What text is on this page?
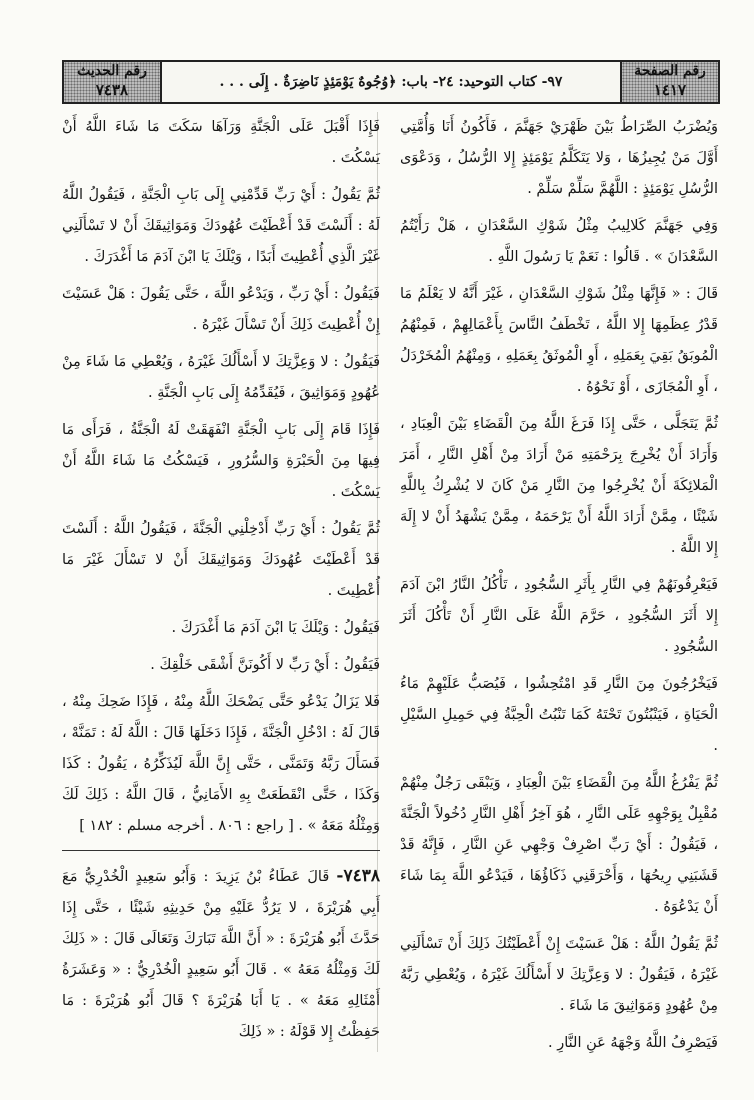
رقم الصفحة
١٤١٧
٩٧- كتاب التوحيد: ٢٤- باب: ﴿وُجُوهٌ يَوْمَئِذٍ نَاضِرَةٌ . إِلَى . . .
رقم الحديث
٧٤٣٨

وَيُضْرَبُ الصِّرَاطُ بَيْنَ ظَهْرَيْ جَهَنَّمَ ، فَأَكُونُ أَنَا وَأُمَّتِي أَوَّلَ مَنْ يُجِيزُهَا ، وَلا يَتَكَلَّمُ يَوْمَئِذٍ إِلا الرُّسُلُ ، وَدَعْوَى الرُّسُلِ يَوْمَئِذٍ : اللَّهُمَّ سَلِّمْ سَلِّمْ .

وَفِي جَهَنَّمَ كَلالِيبُ مِثْلُ شَوْكِ السَّعْدَانِ ، هَلْ رَأَيْتُمُ السَّعْدَانَ » . قَالُوا : نَعَمْ يَا رَسُولَ اللَّهِ .

قَالَ : « فَإِنَّهَا مِثْلُ شَوْكِ السَّعْدَانِ ، غَيْرَ أَنَّهُ لا يَعْلَمُ مَا قَدْرُ عِظَمِهَا إِلا اللَّهُ ، تَخْطَفُ النَّاسَ بِأَعْمَالِهِمْ ، فَمِنْهُمُ الْمُوبَقُ بَقِيَ بِعَمَلِهِ ، أَوِ الْمُوثَقُ بِعَمَلِهِ ، وَمِنْهُمُ الْمُخَرْدَلُ ، أَوِ الْمُجَازَى ، أَوْ نَحْوُهُ .

ثُمَّ يَتَجَلَّى ، حَتَّى إِذَا فَرَغَ اللَّهُ مِنَ الْقَضَاءِ بَيْنَ الْعِبَادِ ، وَأَرَادَ أَنْ يُخْرِجَ بِرَحْمَتِهِ مَنْ أَرَادَ مِنْ أَهْلِ النَّارِ ، أَمَرَ الْمَلائِكَةَ أَنْ يُخْرِجُوا مِنَ النَّارِ مَنْ كَانَ لا يُشْرِكُ بِاللَّهِ شَيْئًا ، مِمَّنْ أَرَادَ اللَّهُ أَنْ يَرْحَمَهُ ، مِمَّنْ يَشْهَدُ أَنْ لا إِلَهَ إِلا اللَّهُ .

فَيَعْرِفُونَهُمْ فِي النَّارِ بِأَثَرِ السُّجُودِ ، تَأْكُلُ النَّارُ ابْنَ آدَمَ إِلا أَثَرَ السُّجُودِ ، حَرَّمَ اللَّهُ عَلَى النَّارِ أَنْ تَأْكُلَ أَثَرَ السُّجُودِ .

فَيَخْرُجُونَ مِنَ النَّارِ قَدِ امْتُحِشُوا ، فَيُصَبُّ عَلَيْهِمْ مَاءُ الْحَيَاةِ ، فَيَنْبُتُونَ تَحْتَهُ كَمَا تَنْبُتُ الْحِبَّةُ فِي حَمِيلِ السَّيْلِ .

ثُمَّ يَفْرُغُ اللَّهُ مِنَ الْقَضَاءِ بَيْنَ الْعِبَادِ ، وَيَبْقَى رَجُلٌ مِنْهُمْ مُقْبِلٌ بِوَجْهِهِ عَلَى النَّارِ ، هُوَ آخِرُ أَهْلِ النَّارِ دُخُولاً الْجَنَّةَ ، فَيَقُولُ : أَيْ رَبِّ اصْرِفْ وَجْهِي عَنِ النَّارِ ، فَإِنَّهُ قَدْ قَشَبَنِي رِيحُهَا ، وَأَحْرَقَنِي ذَكَاؤُهَا ، فَيَدْعُو اللَّهَ بِمَا شَاءَ أَنْ يَدْعُوَهُ .

ثُمَّ يَقُولُ اللَّهُ : هَلْ عَسَيْتَ إِنْ أَعْطَيْتُكَ ذَلِكَ أَنْ تَسْأَلَنِي غَيْرَهُ ، فَيَقُولُ : لا وَعِزَّتِكَ لا أَسْأَلُكَ غَيْرَهُ ، وَيُعْطِي رَبَّهُ مِنْ عُهُودٍ وَمَوَاثِيقَ مَا شَاءَ .

فَيَصْرِفُ اللَّهُ وَجْهَهُ عَنِ النَّارِ .

فَإِذَا أَقْبَلَ عَلَى الْجَنَّةِ وَرَآهَا سَكَتَ مَا شَاءَ اللَّهُ أَنْ يَسْكُتَ .

ثُمَّ يَقُولُ : أَيْ رَبِّ قَدِّمْنِي إِلَى بَابِ الْجَنَّةِ ، فَيَقُولُ اللَّهُ لَهُ : أَلَسْتَ قَدْ أَعْطَيْتَ عُهُودَكَ وَمَوَاثِيقَكَ أَنْ لا تَسْأَلَنِي غَيْرَ الَّذِي أُعْطِيتَ أَبَدًا ، وَيْلَكَ يَا ابْنَ آدَمَ مَا أَغْدَرَكَ .

فَيَقُولُ : أَيْ رَبِّ ، وَيَدْعُو اللَّهَ ، حَتَّى يَقُولَ : هَلْ عَسَيْتَ إِنْ أُعْطِيتَ ذَلِكَ أَنْ تَسْأَلَ غَيْرَهُ .

فَيَقُولُ : لا وَعِزَّتِكَ لا أَسْأَلُكَ غَيْرَهُ ، وَيُعْطِي مَا شَاءَ مِنْ عُهُودٍ وَمَوَاثِيقَ ، فَيُقَدِّمُهُ إِلَى بَابِ الْجَنَّةِ .

فَإِذَا قَامَ إِلَى بَابِ الْجَنَّةِ انْفَهَقَتْ لَهُ الْجَنَّةُ ، فَرَأَى مَا فِيهَا مِنَ الْحَبْرَةِ وَالسُّرُورِ ، فَيَسْكُتُ مَا شَاءَ اللَّهُ أَنْ يَسْكُتَ .

ثُمَّ يَقُولُ : أَيْ رَبِّ أَدْخِلْنِي الْجَنَّةَ ، فَيَقُولُ اللَّهُ : أَلَسْتَ قَدْ أَعْطَيْتَ عُهُودَكَ وَمَوَاثِيقَكَ أَنْ لا تَسْأَلَ غَيْرَ مَا أُعْطِيتَ .

فَيَقُولُ : وَيْلَكَ يَا ابْنَ آدَمَ مَا أَغْدَرَكَ .

فَيَقُولُ : أَيْ رَبِّ لا أَكُونَنَّ أَشْقَى خَلْقِكَ .

فَلا يَزَالُ يَدْعُو حَتَّى يَضْحَكَ اللَّهُ مِنْهُ ، فَإِذَا ضَحِكَ مِنْهُ ، قَالَ لَهُ : ادْخُلِ الْجَنَّةَ ، فَإِذَا دَخَلَهَا قَالَ : اللَّهُ لَهُ : تَمَنَّهْ ، فَسَأَلَ رَبَّهُ وَتَمَنَّى ، حَتَّى إِنَّ اللَّهَ لَيُذَكِّرُهُ ، يَقُولُ : كَذَا وَكَذَا ، حَتَّى انْقَطَعَتْ بِهِ الأَمَانِيُّ ، قَالَ اللَّهُ : ذَلِكَ لَكَ وَمِثْلُهُ مَعَهُ » . [ راجع : ٨٠٦ . أخرجه مسلم : ١٨٢ ]

٧٤٣٨- قَالَ عَطَاءُ بْنُ يَزِيدَ : وَأَبُو سَعِيدٍ الْخُدْرِيُّ مَعَ أَبِي هُرَيْرَةَ ، لا يَرُدُّ عَلَيْهِ مِنْ حَدِيثِهِ شَيْئًا ، حَتَّى إِذَا حَدَّثَ أَبُو هُرَيْرَةَ : « أَنَّ اللَّهَ تَبَارَكَ وَتَعَالَى قَالَ : « ذَلِكَ لَكَ وَمِثْلُهُ مَعَهُ » . قَالَ أَبُو سَعِيدٍ الْخُدْرِيُّ : « وَعَشَرَةُ أَمْثَالِهِ مَعَهُ » . يَا أَبَا هُرَيْرَةَ ؟ قَالَ أَبُو هُرَيْرَةَ : مَا حَفِظْتُ إِلا قَوْلَهُ : « ذَلِكَ
